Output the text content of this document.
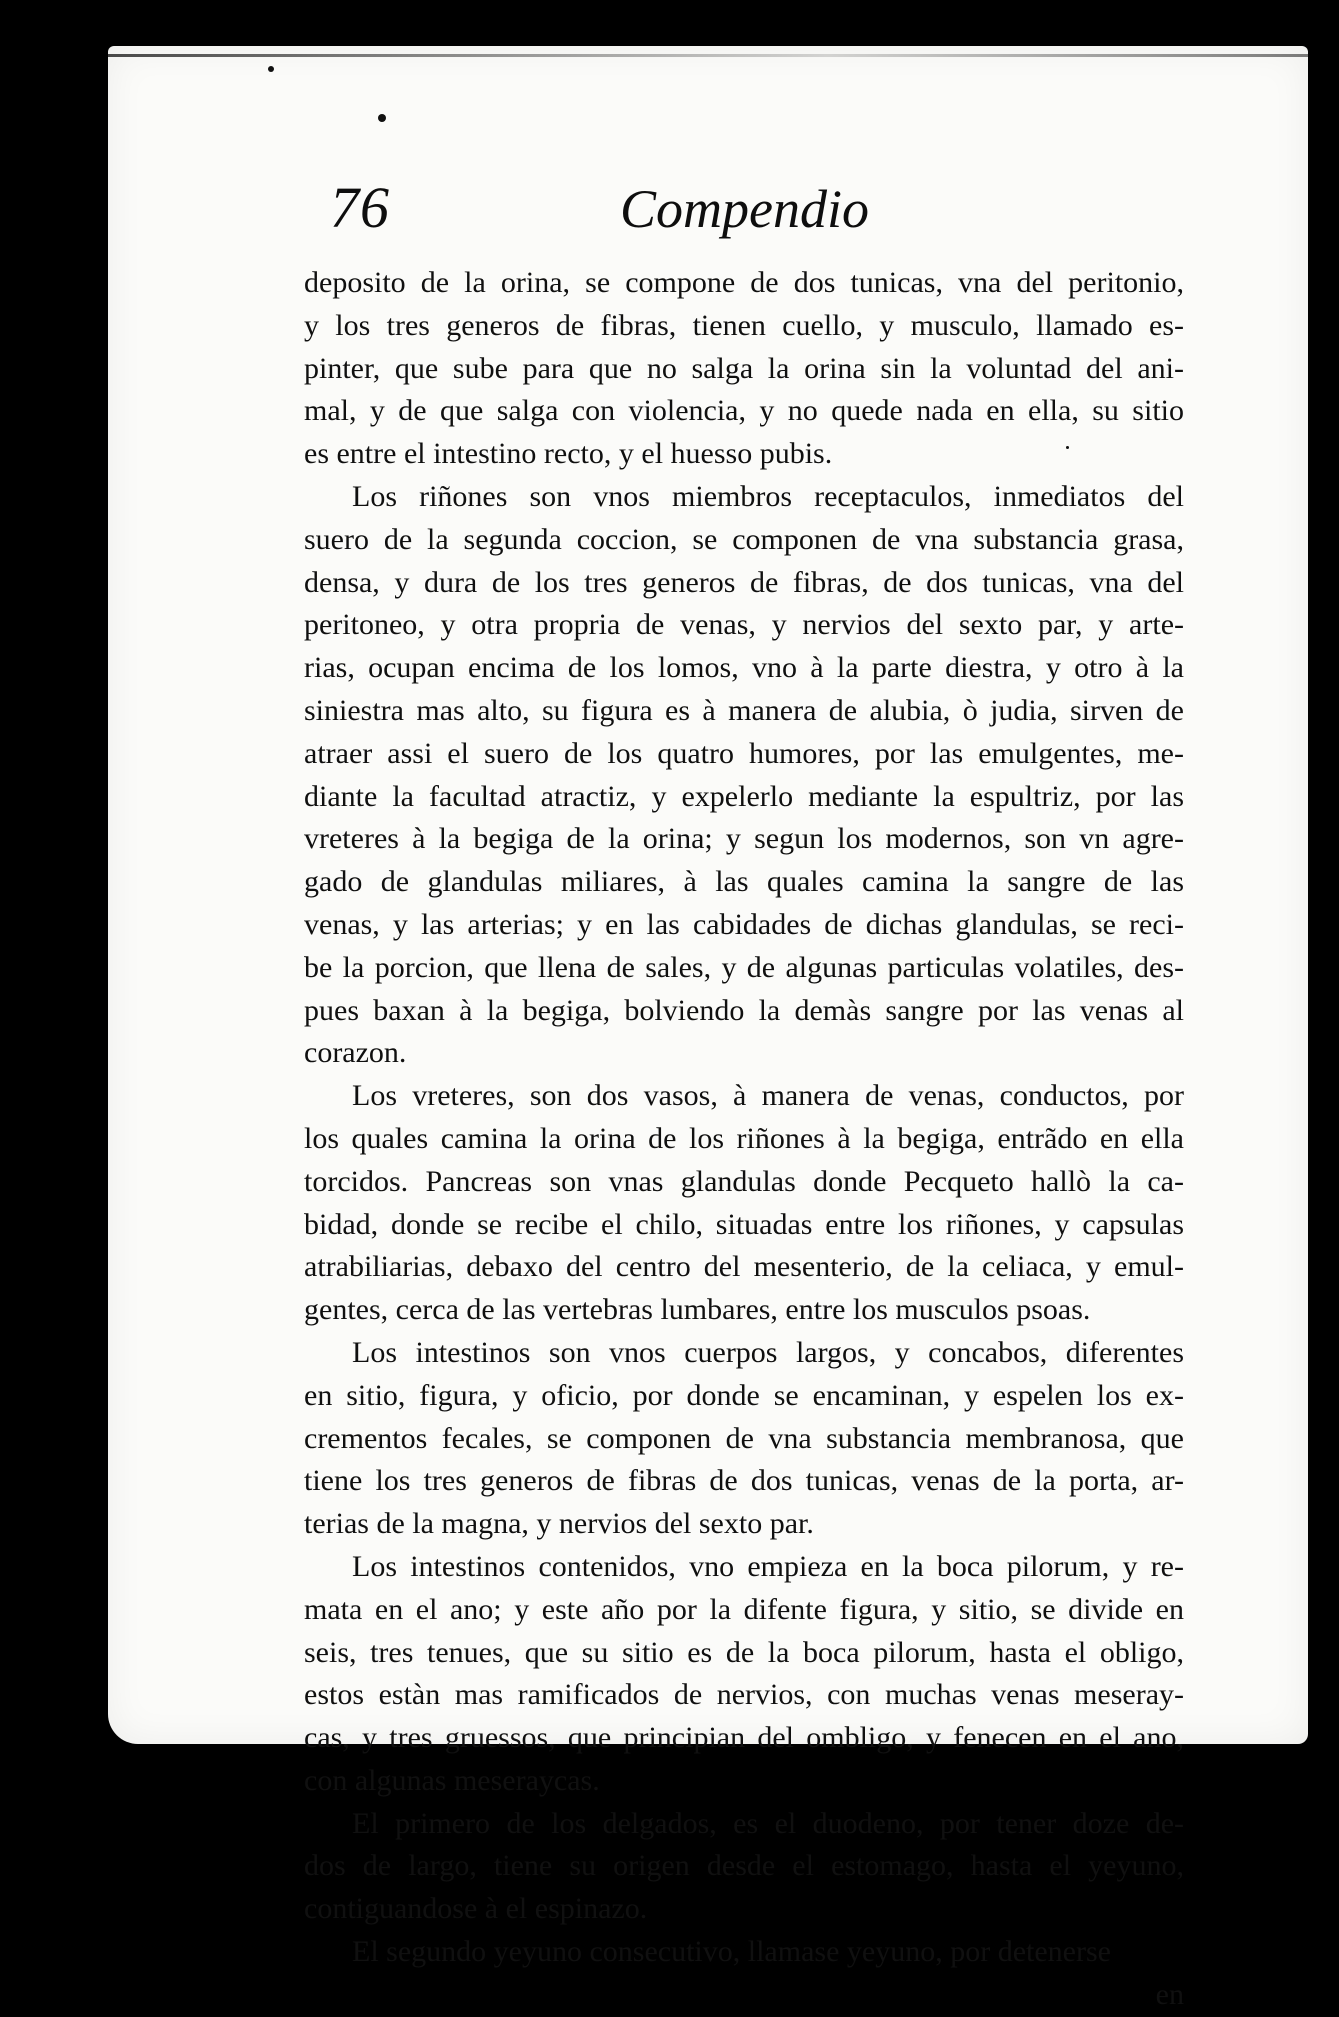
76	Compendio
deposito de la orina, se compone de dos tunicas, vna del peritonio,
y los tres generos de fibras, tienen cuello, y musculo, llamado es-
pinter, que sube para que no salga la orina sin la voluntad del ani-
mal, y de que salga con violencia, y no quede nada en ella, su sitio
es entre el intestino recto, y el huesso pubis.
Los riñones son vnos miembros receptaculos, inmediatos del
suero de la segunda coccion, se componen de vna substancia grasa,
densa, y dura de los tres generos de fibras, de dos tunicas, vna del
peritoneo, y otra propria de venas, y nervios del sexto par, y arte-
rias, ocupan encima de los lomos, vno à la parte diestra, y otro à la
siniestra mas alto, su figura es à manera de alubia, ò judia, sirven de
atraer assi el suero de los quatro humores, por las emulgentes, me-
diante la facultad atractiz, y expelerlo mediante la espultriz, por las
vreteres à la begiga de la orina; y segun los modernos, son vn agre-
gado de glandulas miliares, à las quales camina la sangre de las
venas, y las arterias; y en las cabidades de dichas glandulas, se reci-
be la porcion, que llena de sales, y de algunas particulas volatiles, des-
pues baxan à la begiga, bolviendo la demàs sangre por las venas al
corazon.
Los vreteres, son dos vasos, à manera de venas, conductos, por
los quales camina la orina de los riñones à la begiga, entrãdo en ella
torcidos. Pancreas son vnas glandulas donde Pecqueto hallò la ca-
bidad, donde se recibe el chilo, situadas entre los riñones, y capsulas
atrabiliarias, debaxo del centro del mesenterio, de la celiaca, y emul-
gentes, cerca de las vertebras lumbares, entre los musculos psoas.
Los intestinos son vnos cuerpos largos, y concabos, diferentes
en sitio, figura, y oficio, por donde se encaminan, y espelen los ex-
crementos fecales, se componen de vna substancia membranosa, que
tiene los tres generos de fibras de dos tunicas, venas de la porta, ar-
terias de la magna, y nervios del sexto par.
Los intestinos contenidos, vno empieza en la boca pilorum, y re-
mata en el ano; y este año por la difente figura, y sitio, se divide en
seis, tres tenues, que su sitio es de la boca pilorum, hasta el obligo,
estos estàn mas ramificados de nervios, con muchas venas meseray-
cas, y tres gruessos, que principian del ombligo, y fenecen en el ano,
con algunas meseraycas.
El primero de los delgados, es el duodeno, por tener doze de-
dos de largo, tiene su origen desde el estomago, hasta el yeyuno,
contiguandose à el espinazo.
El segundo yeyuno consecutivo, llamase yeyuno, por detenerse
en
